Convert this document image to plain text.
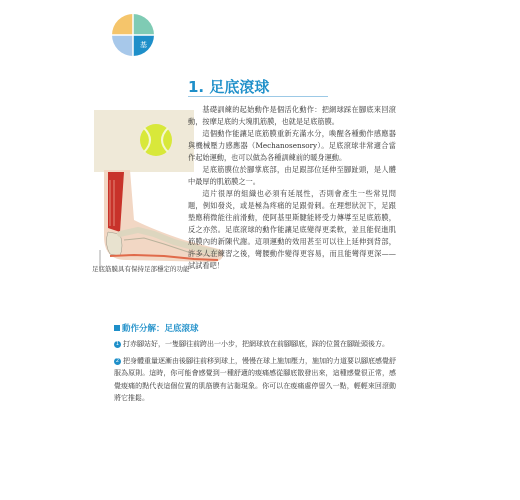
基
1. 足底滾球
足底筋膜具有保持足部穩定的功能

基礎訓練的起始動作是個活化動作：把網球踩在腳底來回滾動，按摩足底的大塊肌筋膜，也就是足底筋膜。

這個動作能讓足底筋膜重新充滿水分，喚醒各種動作感應器與機械壓力感應器（Mechanosensory）。足底滾球非常適合當作起始運動，也可以做為各種訓練前的暖身運動。

足底筋膜位於腳掌底部，由足跟部位延伸至腳趾頭，是人體中最厚的肌筋膜之一。

這片很厚的組織也必須有延展性，否則會產生一些常見問題，例如發炎，或是極為疼痛的足跟骨刺。在理想狀況下，足跟墊應稍微能往前滑動，使阿基里斯腱能將受力傳導至足底筋膜，反之亦然。足底滾球的動作能讓足底變得更柔軟，並且能促進肌筋膜內的新陳代謝。這項運動的效用甚至可以往上延伸到背部，許多人在練習之後，彎腰動作變得更容易，而且能彎得更深——試試看吧！

動作分解：足底滾球

1 打赤腳站好，一隻腳往前跨出一小步，把網球放在前腳腳底，踩的位置在腳趾頭後方。

2 把身體重量逐漸由後腳往前移到球上，慢慢在球上施加壓力，施加的力道要以腳底感覺舒服為原則。這時，你可能會感覺到一種舒適的痠痛感從腳底散發出來，這種感覺很正常，感覺痠痛的點代表這個位置的肌筋膜有沾黏現象。你可以在痠痛處停留久一點，輕輕來回滾動將它推鬆。
